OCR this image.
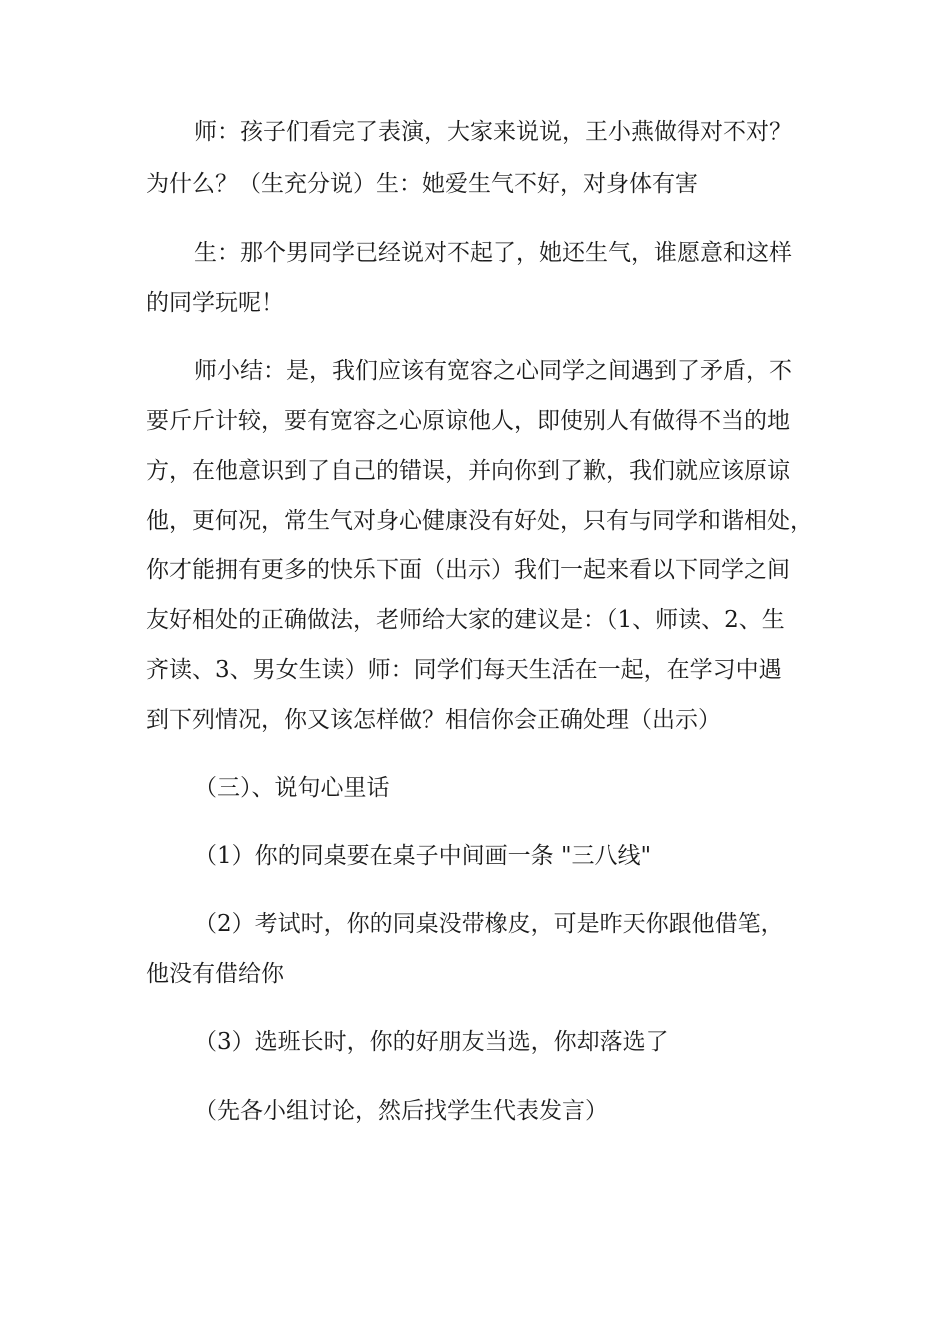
师：孩子们看完了表演，大家来说说，王小燕做得对不对？
为什么？（生充分说）生：她爱生气不好，对身体有害
生：那个男同学已经说对不起了，她还生气，谁愿意和这样
的同学玩呢！
师小结：是，我们应该有宽容之心同学之间遇到了矛盾，不
要斤斤计较，要有宽容之心原谅他人，即使别人有做得不当的地
方，在他意识到了自己的错误，并向你到了歉，我们就应该原谅
他，更何况，常生气对身心健康没有好处，只有与同学和谐相处，
你才能拥有更多的快乐下面（出示）我们一起来看以下同学之间
友好相处的正确做法，老师给大家的建议是：（1、师读、2、生
齐读、3、男女生读）师：同学们每天生活在一起，在学习中遇
到下列情况，你又该怎样做？相信你会正确处理（出示）
（三）、说句心里话
（1）你的同桌要在桌子中间画一条 "三八线"
（2）考试时，你的同桌没带橡皮，可是昨天你跟他借笔，
他没有借给你
（3）选班长时，你的好朋友当选，你却落选了
（先各小组讨论，然后找学生代表发言）
